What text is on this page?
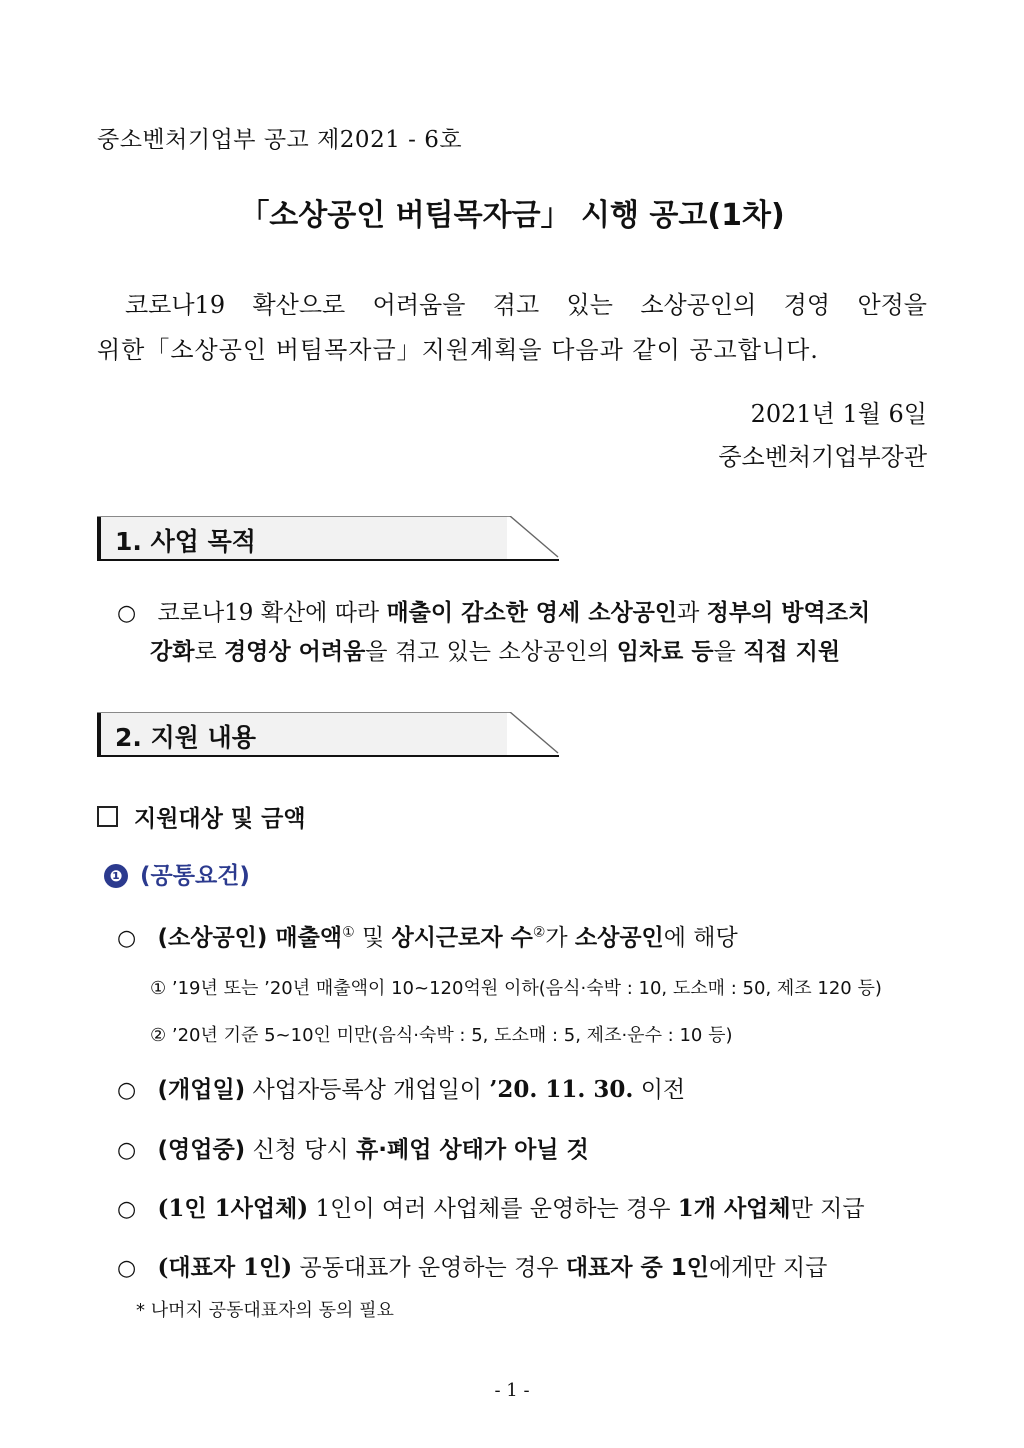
중소벤처기업부 공고 제2021 - 6호
「소상공인 버팀목자금」 시행 공고(1차)
코로나19 확산으로 어려움을 겪고 있는 소상공인의 경영 안정을
위한「소상공인 버팀목자금」지원계획을 다음과 같이 공고합니다.
2021년 1월 6일
중소벤처기업부장관
1. 사업 목적
○ 코로나19 확산에 따라 매출이 감소한 영세 소상공인과 정부의 방역조치
강화로 경영상 어려움을 겪고 있는 소상공인의 임차료 등을 직접 지원
2. 지원 내용
지원대상 및 금액
❶ (공통요건)
○ (소상공인) 매출액① 및 상시근로자 수②가 소상공인에 해당
① ’19년 또는 ’20년 매출액이 10~120억원 이하(음식·숙박 : 10, 도소매 : 50, 제조 120 등)
② ’20년 기준 5~10인 미만(음식·숙박 : 5, 도소매 : 5, 제조·운수 : 10 등)
○ (개업일) 사업자등록상 개업일이 ’20. 11. 30. 이전
○ (영업중) 신청 당시 휴·폐업 상태가 아닐 것
○ (1인 1사업체) 1인이 여러 사업체를 운영하는 경우 1개 사업체만 지급
○ (대표자 1인) 공동대표가 운영하는 경우 대표자 중 1인에게만 지급
* 나머지 공동대표자의 동의 필요
- 1 -
